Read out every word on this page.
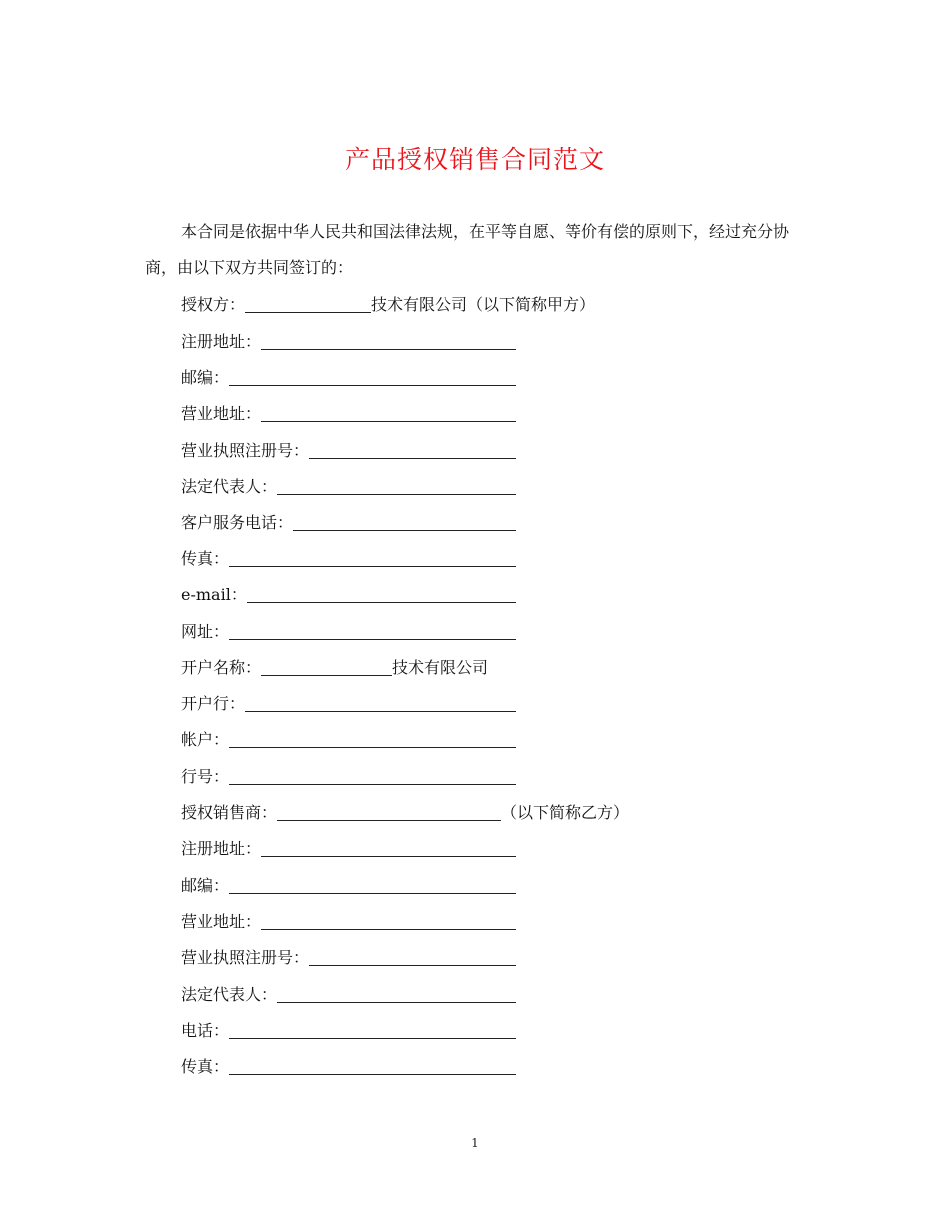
产品授权销售合同范文
本合同是依据中华人民共和国法律法规，在平等自愿、等价有偿的原则下，经过充分协商，由以下双方共同签订的：
授权方：	技术有限公司（以下简称甲方）
注册地址：
邮编：
营业地址：
营业执照注册号：
法定代表人：
客户服务电话：
传真：
e-mail：
网址：
开户名称：	技术有限公司
开户行：
帐户：
行号：
授权销售商：	（以下简称乙方）
注册地址：
邮编：
营业地址：
营业执照注册号：
法定代表人：
电话：
传真：
1
